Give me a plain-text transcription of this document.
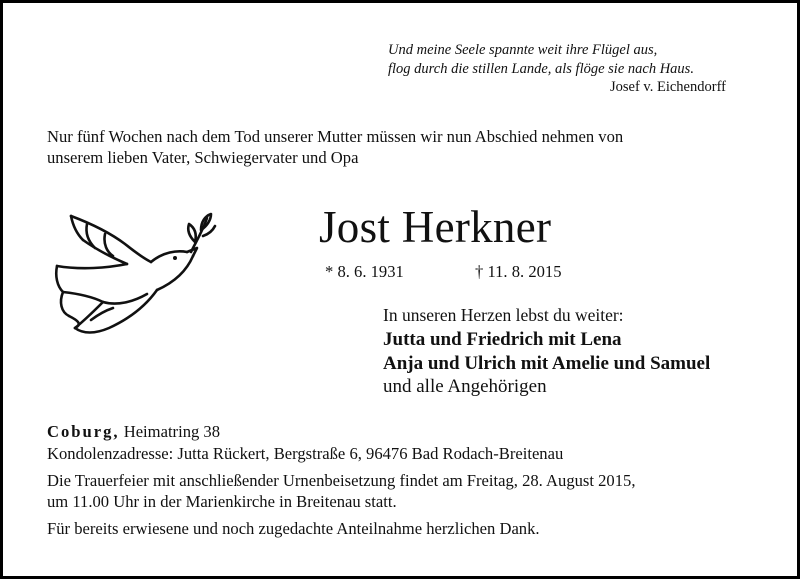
Und meine Seele spannte weit ihre Flügel aus,
flog durch die stillen Lande, als flöge sie nach Haus.
Josef v. Eichendorff
Nur fünf Wochen nach dem Tod unserer Mutter müssen wir nun Abschied nehmen von
unserem lieben Vater, Schwiegervater und Opa
Jost Herkner
* 8. 6. 1931	† 11. 8. 2015
In unseren Herzen lebst du weiter:
Jutta und Friedrich mit Lena
Anja und Ulrich mit Amelie und Samuel
und alle Angehörigen
Coburg, Heimatring 38
Kondolenzadresse: Jutta Rückert, Bergstraße 6, 96476 Bad Rodach-Breitenau
Die Trauerfeier mit anschließender Urnenbeisetzung findet am Freitag, 28. August 2015,
um 11.00 Uhr in der Marienkirche in Breitenau statt.
Für bereits erwiesene und noch zugedachte Anteilnahme herzlichen Dank.
